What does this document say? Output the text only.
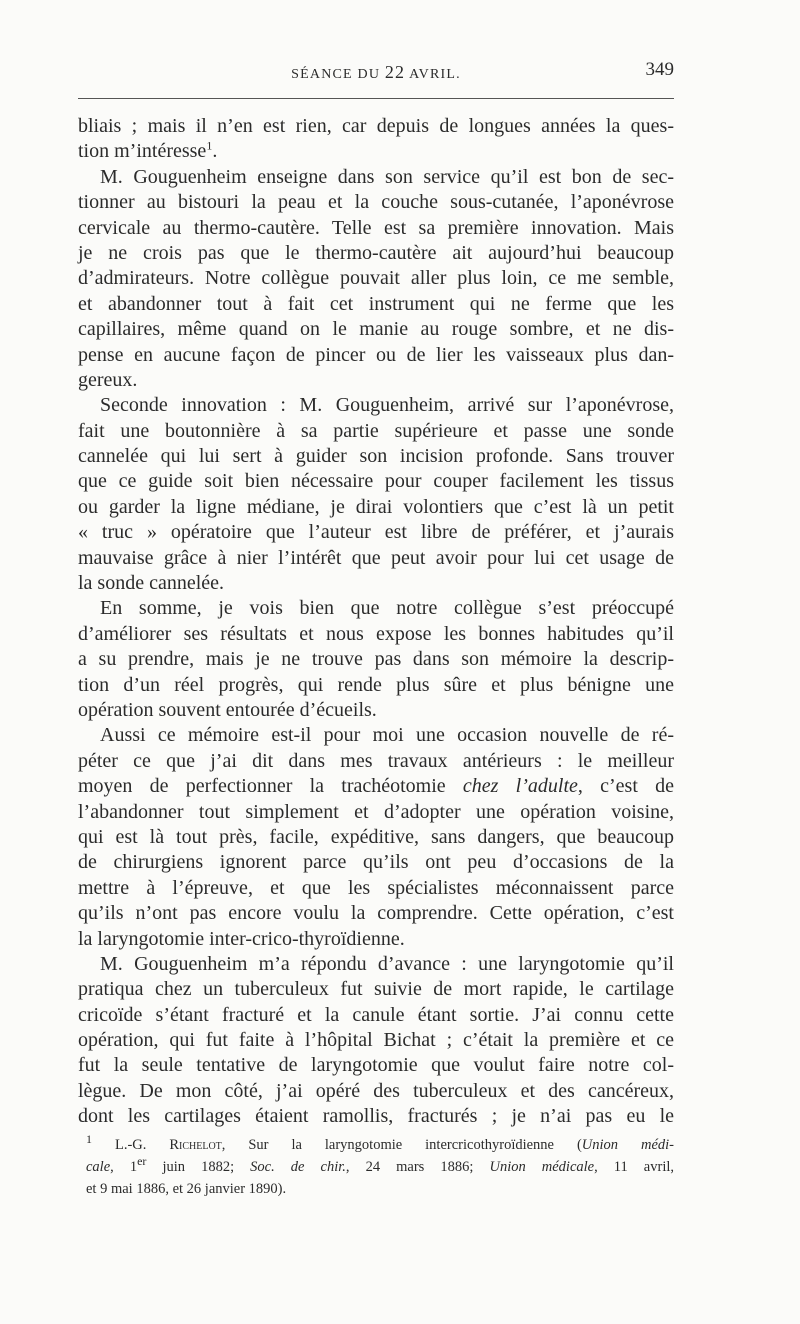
SÉANCE DU 22 AVRIL.	349
bliais ; mais il n’en est rien, car depuis de longues années la ques-
tion m’intéresse$^1$.
M. Gouguenheim enseigne dans son service qu’il est bon de sec-
tionner au bistouri la peau et la couche sous-cutanée, l’aponévrose
cervicale au thermo-cautère. Telle est sa première innovation. Mais
je ne crois pas que le thermo-cautère ait aujourd’hui beaucoup
d’admirateurs. Notre collègue pouvait aller plus loin, ce me semble,
et abandonner tout à fait cet instrument qui ne ferme que les
capillaires, même quand on le manie au rouge sombre, et ne dis-
pense en aucune façon de pincer ou de lier les vaisseaux plus dan-
gereux.
Seconde innovation : M. Gouguenheim, arrivé sur l’aponévrose,
fait une boutonnière à sa partie supérieure et passe une sonde
cannelée qui lui sert à guider son incision profonde. Sans trouver
que ce guide soit bien nécessaire pour couper facilement les tissus
ou garder la ligne médiane, je dirai volontiers que c’est là un petit
« truc » opératoire que l’auteur est libre de préférer, et j’aurais
mauvaise grâce à nier l’intérêt que peut avoir pour lui cet usage de
la sonde cannelée.
En somme, je vois bien que notre collègue s’est préoccupé
d’améliorer ses résultats et nous expose les bonnes habitudes qu’il
a su prendre, mais je ne trouve pas dans son mémoire la descrip-
tion d’un réel progrès, qui rende plus sûre et plus bénigne une
opération souvent entourée d’écueils.
Aussi ce mémoire est-il pour moi une occasion nouvelle de ré-
péter ce que j’ai dit dans mes travaux antérieurs : le meilleur
moyen de perfectionner la trachéotomie chez l’adulte, c’est de
l’abandonner tout simplement et d’adopter une opération voisine,
qui est là tout près, facile, expéditive, sans dangers, que beaucoup
de chirurgiens ignorent parce qu’ils ont peu d’occasions de la
mettre à l’épreuve, et que les spécialistes méconnaissent parce
qu’ils n’ont pas encore voulu la comprendre. Cette opération, c’est
la laryngotomie inter-crico-thyroïdienne.
M. Gouguenheim m’a répondu d’avance : une laryngotomie qu’il
pratiqua chez un tuberculeux fut suivie de mort rapide, le cartilage
cricoïde s’étant fracturé et la canule étant sortie. J’ai connu cette
opération, qui fut faite à l’hôpital Bichat ; c’était la première et ce
fut la seule tentative de laryngotomie que voulut faire notre col-
lègue. De mon côté, j’ai opéré des tuberculeux et des cancéreux,
dont les cartilages étaient ramollis, fracturés ; je n’ai pas eu le
$^1$ L.-G. Richelot, Sur la laryngotomie intercricothyroïdienne (Union médi-
cale, 1er juin 1882; Soc. de chir., 24 mars 1886; Union médicale, 11 avril,
et 9 mai 1886, et 26 janvier 1890).
